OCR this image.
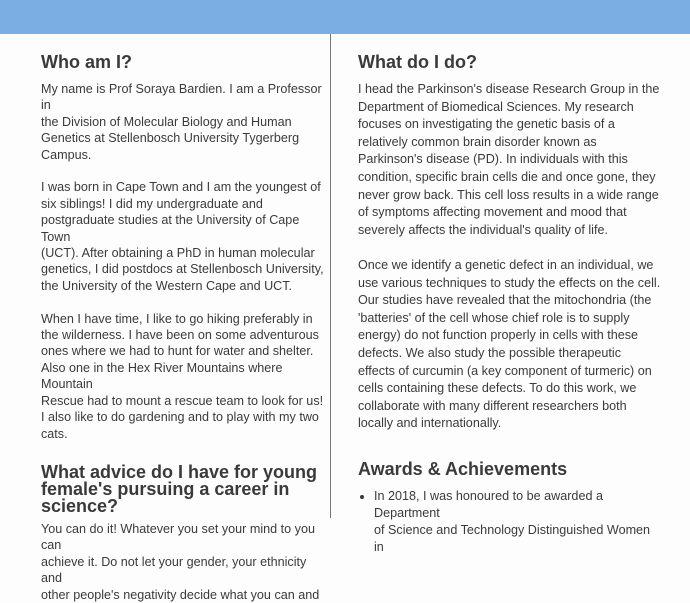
Who am I?

My name is Prof Soraya Bardien. I am a Professor in
the Division of Molecular Biology and Human
Genetics at Stellenbosch University Tygerberg
Campus.

I was born in Cape Town and I am the youngest of
six siblings! I did my undergraduate and
postgraduate studies at the University of Cape Town
(UCT). After obtaining a PhD in human molecular
genetics, I did postdocs at Stellenbosch University,
the University of the Western Cape and UCT.

When I have time, I like to go hiking preferably in
the wilderness. I have been on some adventurous
ones where we had to hunt for water and shelter.
Also one in the Hex River Mountains where Mountain
Rescue had to mount a rescue team to look for us!
I also like to do gardening and to play with my two
cats.

What advice do I have for young
female's pursuing a career in
science?

You can do it! Whatever you set your mind to you can
achieve it. Do not let your gender, your ethnicity and
other people's negativity decide what you can and

What do I do?

I head the Parkinson's disease Research Group in the
Department of Biomedical Sciences. My research
focuses on investigating the genetic basis of a
relatively common brain disorder known as
Parkinson's disease (PD). In individuals with this
condition, specific brain cells die and once gone, they
never grow back. This cell loss results in a wide range
of symptoms affecting movement and mood that
severely affects the individual's quality of life.

Once we identify a genetic defect in an individual, we
use various techniques to study the effects on the cell.
Our studies have revealed that the mitochondria (the
'batteries' of the cell whose chief role is to supply
energy) do not function properly in cells with these
defects. We also study the possible therapeutic
effects of curcumin (a key component of turmeric) on
cells containing these defects. To do this work, we
collaborate with many different researchers both
locally and internationally.

Awards & Achievements
• In 2018, I was honoured to be awarded a Department
of Science and Technology Distinguished Women in
